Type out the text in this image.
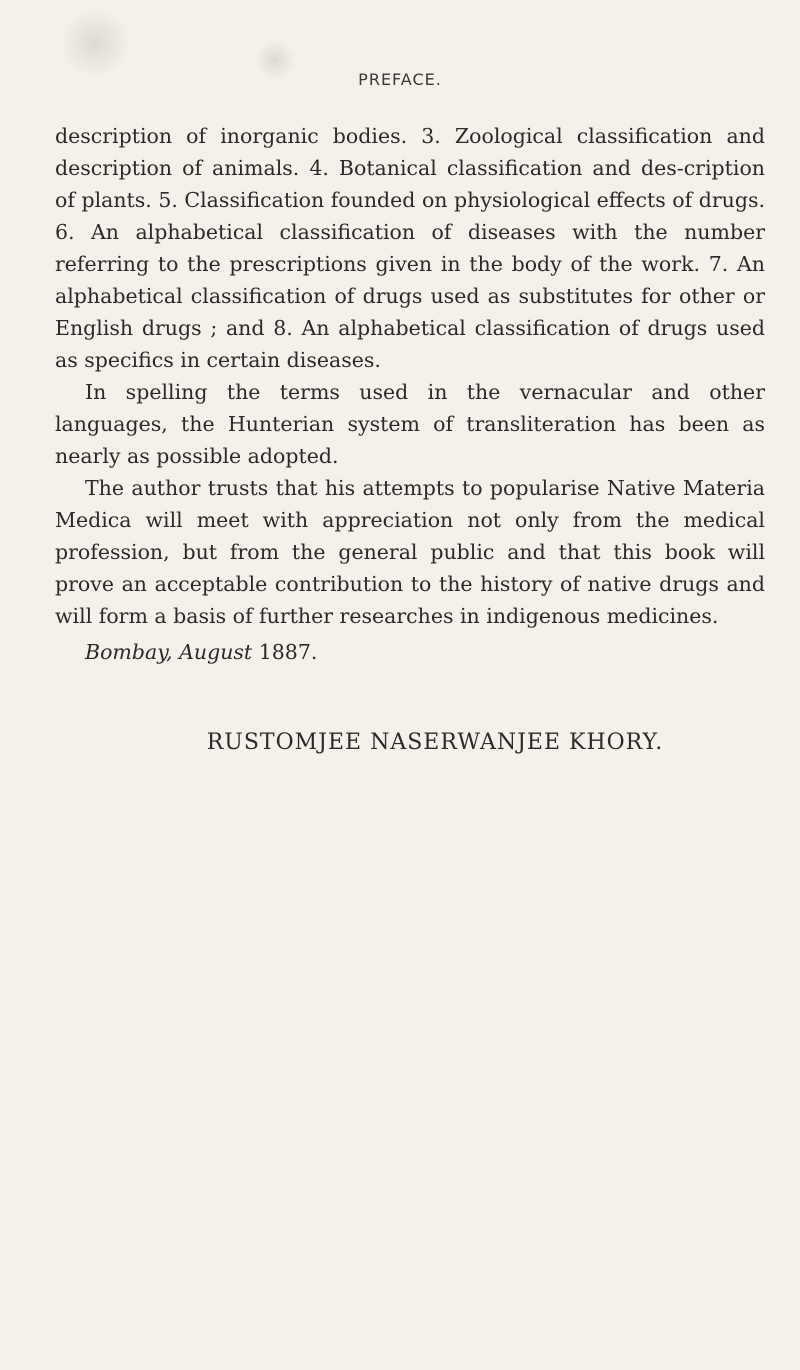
PREFACE.

description of inorganic bodies. 3. Zoological classification and description of animals. 4. Botanical classification and des-cription of plants. 5. Classification founded on physiological effects of drugs. 6. An alphabetical classification of diseases with the number referring to the prescriptions given in the body of the work. 7. An alphabetical classification of drugs used as substitutes for other or English drugs ; and 8. An alphabetical classification of drugs used as specifics in certain diseases.

In spelling the terms used in the vernacular and other languages, the Hunterian system of transliteration has been as nearly as possible adopted.

The author trusts that his attempts to popularise Native Materia Medica will meet with appreciation not only from the medical profession, but from the general public and that this book will prove an acceptable contribution to the history of native drugs and will form a basis of further researches in indigenous medicines.

Bombay, August 1887.

RUSTOMJEE NASERWANJEE KHORY.
